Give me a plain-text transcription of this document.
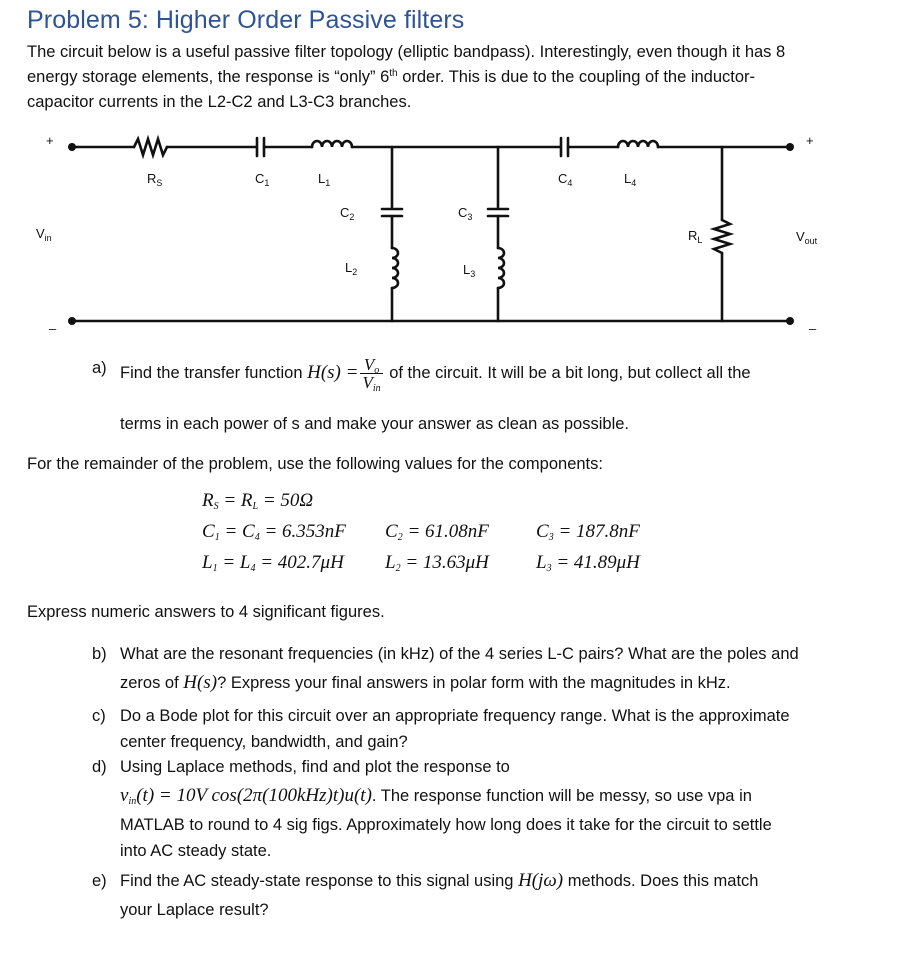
Problem 5: Higher Order Passive filters

The circuit below is a useful passive filter topology (elliptic bandpass). Interestingly, even though it has 8

energy storage elements, the response is “only” 6th order. This is due to the coupling of the inductor-

capacitor currents in the L2-C2 and L3-C3 branches.

+	+
–	–
$V_{in}$	$V_{out}$
$R_S$	$C_1$	$L_1$
$C_2$
$L_2$
$C_3$
$L_3$
$C_4$	$L_4$
$R_L$
a) Find the transfer function $H(s) = \frac{V_o}{V_{in}}$ of the circuit. It will be a bit long, but collect all the
terms in each power of s and make your answer as clean as possible.
For the remainder of the problem, use the following values for the components:
$R_S = R_L = 50\Omega$
$C_1 = C_4 = 6.353nF$ $C_2 = 61.08nF$ $C_3 = 187.8nF$
$L_1 = L_4 = 402.7\mu H$ $L_2 = 13.63\mu H$ $L_3 = 41.89\mu H$
Express numeric answers to 4 significant figures.
b) What are the resonant frequencies (in kHz) of the 4 series L-C pairs? What are the poles and
zeros of H(s)? Express your final answers in polar form with the magnitudes in kHz.
c) Do a Bode plot for this circuit over an appropriate frequency range. What is the approximate
center frequency, bandwidth, and gain?
d) Using Laplace methods, find and plot the response to
$v_{in}(t) = 10V$ cos(2π(100kHz)t)u(t). The response function will be messy, so use vpa in
MATLAB to round to 4 sig figs. Approximately how long does it take for the circuit to settle
into AC steady state.
e) Find the AC steady-state response to this signal using H(jω) methods. Does this match
your Laplace result?
